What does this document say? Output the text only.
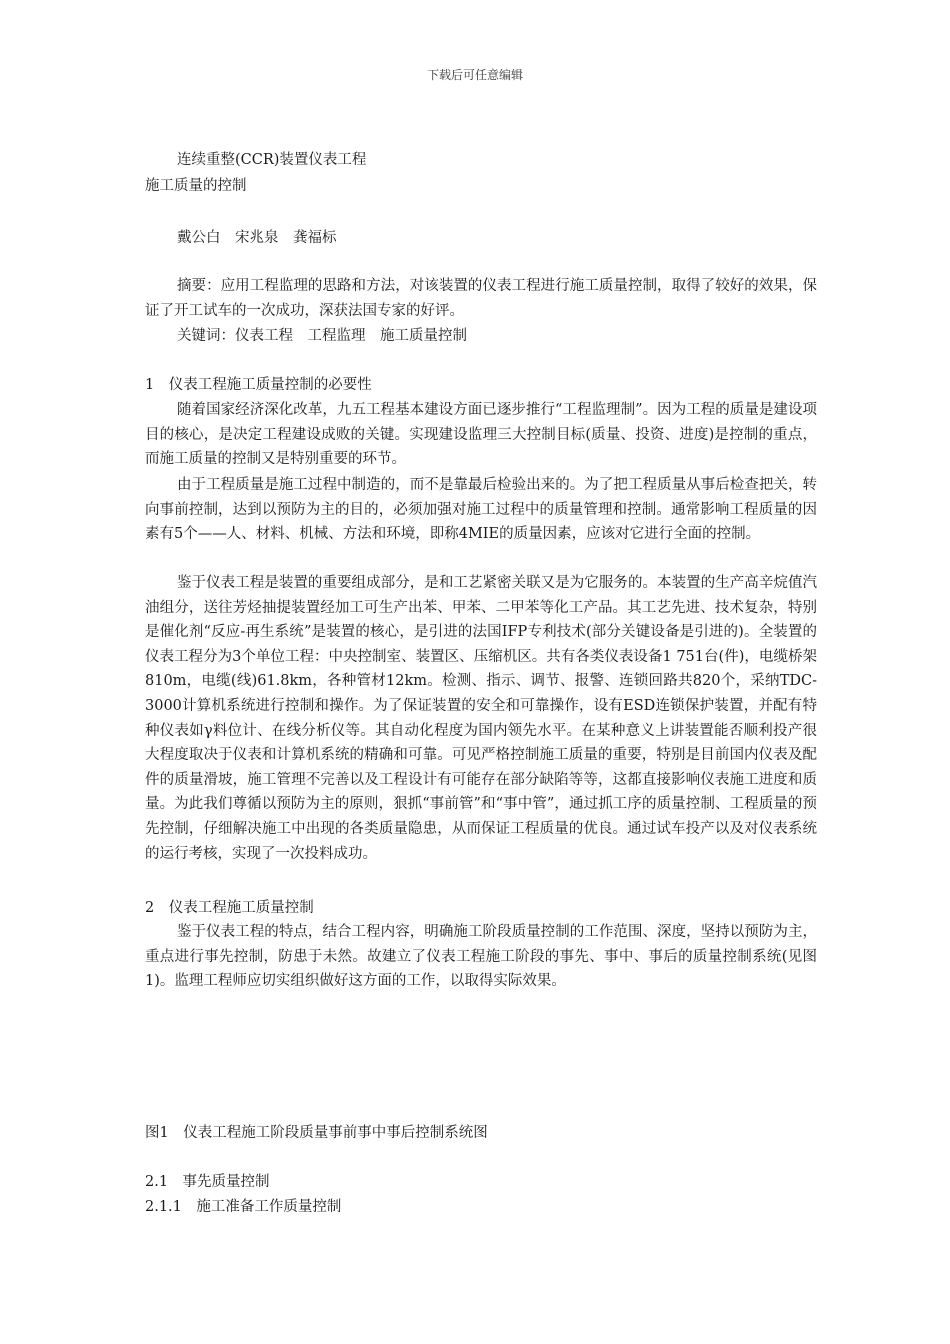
下载后可任意编辑
连续重整(CCR)装置仪表工程
施工质量的控制
戴公白　宋兆泉　龚福标
摘要：应用工程监理的思路和方法，对该装置的仪表工程进行施工质量控制，取得了较好的效果，保证了开工试车的一次成功，深获法国专家的好评。
关键词：仪表工程　工程监理　施工质量控制
1　仪表工程施工质量控制的必要性
随着国家经济深化改革，九五工程基本建设方面已逐步推行“工程监理制”。因为工程的质量是建设项目的核心，是决定工程建设成败的关键。实现建设监理三大控制目标(质量、投资、进度)是控制的重点，而施工质量的控制又是特别重要的环节。
由于工程质量是施工过程中制造的，而不是靠最后检验出来的。为了把工程质量从事后检查把关，转向事前控制，达到以预防为主的目的，必须加强对施工过程中的质量管理和控制。通常影响工程质量的因素有5个——人、材料、机械、方法和环境，即称4MIE的质量因素，应该对它进行全面的控制。
鉴于仪表工程是装置的重要组成部分，是和工艺紧密关联又是为它服务的。本装置的生产高辛烷值汽油组分，送往芳烃抽提装置经加工可生产出苯、甲苯、二甲苯等化工产品。其工艺先进、技术复杂，特别是催化剂“反应-再生系统”是装置的核心，是引进的法国IFP专利技术(部分关键设备是引进的)。全装置的仪表工程分为3个单位工程：中央控制室、装置区、压缩机区。共有各类仪表设备1 751台(件)，电缆桥架810m，电缆(线)61.8km，各种管材12km。检测、指示、调节、报警、连锁回路共820个，采纳TDC-3000计算机系统进行控制和操作。为了保证装置的安全和可靠操作，设有ESD连锁保护装置，并配有特种仪表如γ料位计、在线分析仪等。其自动化程度为国内领先水平。在某种意义上讲装置能否顺利投产很大程度取决于仪表和计算机系统的精确和可靠。可见严格控制施工质量的重要，特别是目前国内仪表及配件的质量滑坡，施工管理不完善以及工程设计有可能存在部分缺陷等等，这都直接影响仪表施工进度和质量。为此我们尊循以预防为主的原则，狠抓“事前管”和“事中管”，通过抓工序的质量控制、工程质量的预先控制，仔细解决施工中出现的各类质量隐患，从而保证工程质量的优良。通过试车投产以及对仪表系统的运行考核，实现了一次投料成功。
2　仪表工程施工质量控制
鉴于仪表工程的特点，结合工程内容，明确施工阶段质量控制的工作范围、深度，坚持以预防为主，重点进行事先控制，防患于未然。故建立了仪表工程施工阶段的事先、事中、事后的质量控制系统(见图1)。监理工程师应切实组织做好这方面的工作，以取得实际效果。
图1　仪表工程施工阶段质量事前事中事后控制系统图
2.1　事先质量控制
2.1.1　施工准备工作质量控制
